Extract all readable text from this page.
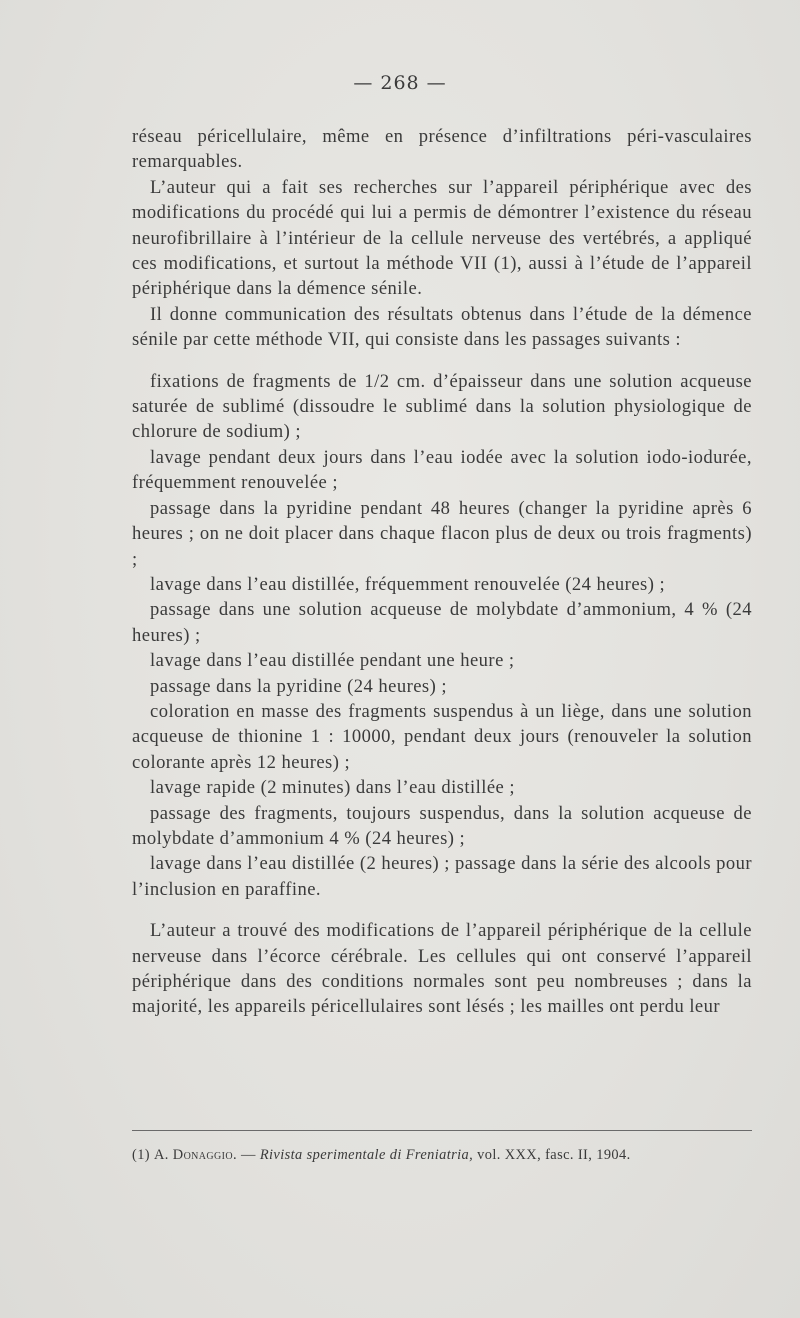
— 268 —

réseau péricellulaire, même en présence d’infiltrations péri-vasculaires remarquables.

L’auteur qui a fait ses recherches sur l’appareil périphérique avec des modifications du procédé qui lui a permis de démontrer l’existence du réseau neurofibrillaire à l’intérieur de la cellule nerveuse des vertébrés, a appliqué ces modifications, et surtout la méthode VII (1), aussi à l’étude de l’appareil périphérique dans la démence sénile.

Il donne communication des résultats obtenus dans l’étude de la démence sénile par cette méthode VII, qui consiste dans les passages suivants :

fixations de fragments de 1/2 cm. d’épaisseur dans une solution acqueuse saturée de sublimé (dissoudre le sublimé dans la solution physiologique de chlorure de sodium) ;

lavage pendant deux jours dans l’eau iodée avec la solution iodo-iodurée, fréquemment renouvelée ;

passage dans la pyridine pendant 48 heures (changer la pyridine après 6 heures ; on ne doit placer dans chaque flacon plus de deux ou trois fragments) ;

lavage dans l’eau distillée, fréquemment renouvelée (24 heures) ;

passage dans une solution acqueuse de molybdate d’ammonium, 4 % (24 heures) ;

lavage dans l’eau distillée pendant une heure ;

passage dans la pyridine (24 heures) ;

coloration en masse des fragments suspendus à un liège, dans une solution acqueuse de thionine 1 : 10000, pendant deux jours (renouveler la solution colorante après 12 heures) ;

lavage rapide (2 minutes) dans l’eau distillée ;

passage des fragments, toujours suspendus, dans la solution acqueuse de molybdate d’ammonium 4 % (24 heures) ;

lavage dans l’eau distillée (2 heures) ; passage dans la série des alcools pour l’inclusion en paraffine.

L’auteur a trouvé des modifications de l’appareil périphérique de la cellule nerveuse dans l’écorce cérébrale. Les cellules qui ont conservé l’appareil périphérique dans des conditions normales sont peu nombreuses ; dans la majorité, les appareils péricellulaires sont lésés ; les mailles ont perdu leur

(1) A. Donaggio. — Rivista sperimentale di Freniatria, vol. XXX, fasc. II, 1904.
